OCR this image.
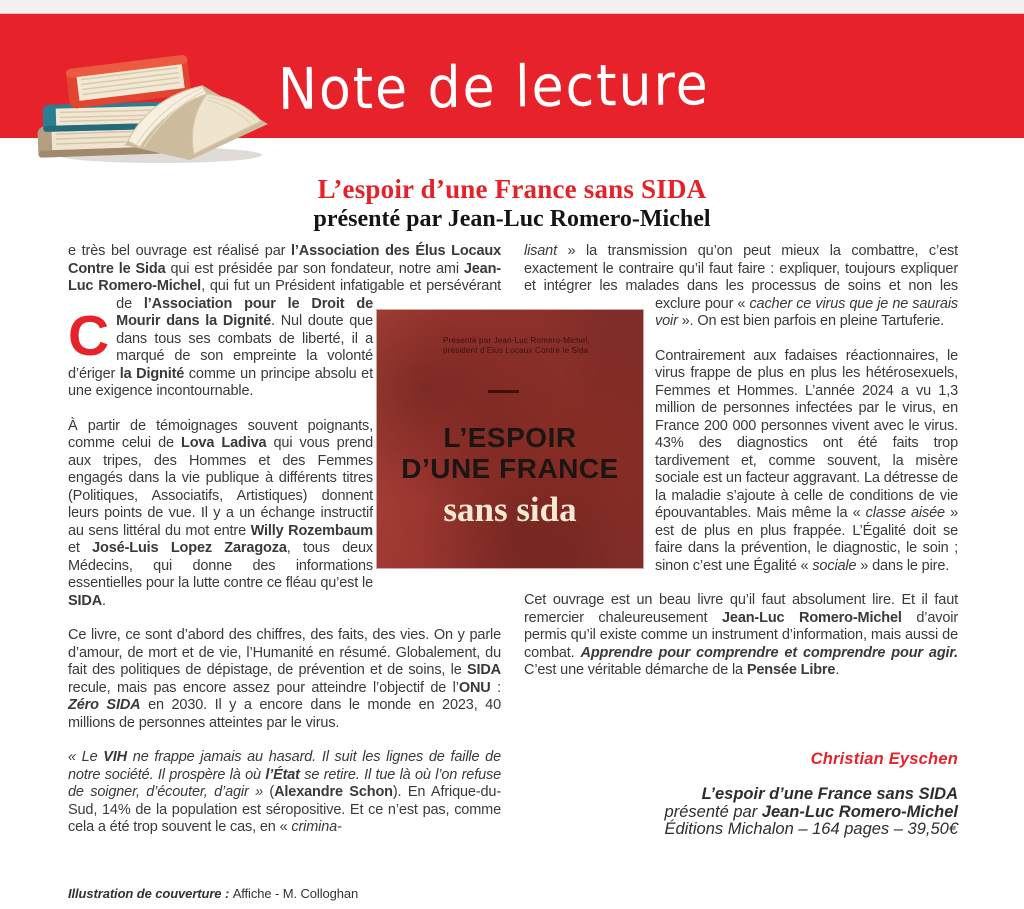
Note de lecture
L’espoir d’une France sans SIDA
présenté par Jean-Luc Romero-Michel

C
e très bel ouvrage est réalisé par l’Association des Élus Locaux Contre le Sida qui est présidée par son fondateur, notre ami Jean-Luc Romero-Michel, qui fut un Président infatigable et persévérant de l’Association pour le Droit de Mourir dans la Dignité. Nul doute que dans tous ses combats de liberté, il a marqué de son empreinte la volonté d’ériger la Dignité comme un principe absolu et une exigence incontournable.

À partir de témoignages souvent poignants, comme celui de Lova Ladiva qui vous prend aux tripes, des Hommes et des Femmes engagés dans la vie publique à différents titres (Politiques, Associatifs, Artistiques) donnent leurs points de vue. Il y a un échange instructif au sens littéral du mot entre Willy Rozembaum et José-Luis Lopez Zaragoza, tous deux Médecins, qui donne des informations essentielles pour la lutte contre ce fléau qu’est le SIDA.

Ce livre, ce sont d’abord des chiffres, des faits, des vies. On y parle d’amour, de mort et de vie, l’Humanité en résumé. Globalement, du fait des politiques de dépistage, de prévention et de soins, le SIDA recule, mais pas encore assez pour atteindre l’objectif de l’ONU : Zéro SIDA en 2030. Il y a encore dans le monde en 2023, 40 millions de personnes atteintes par le virus.

« Le VIH ne frappe jamais au hasard. Il suit les lignes de faille de notre société. Il prospère là où l’État se retire. Il tue là où l’on refuse de soigner, d’écouter, d’agir » (Alexandre Schon). En Afrique-du-Sud, 14% de la population est séropositive. Et ce n’est pas, comme cela a été trop souvent le cas, en « crimina-

lisant » la transmission qu’on peut mieux la combattre, c’est exactement le contraire qu’il faut faire : expliquer, toujours expliquer et intégrer les malades dans les processus de soins et non les exclure pour « cacher ce virus que je ne saurais voir ». On est bien parfois en pleine Tartuferie.

Contrairement aux fadaises réactionnaires, le virus frappe de plus en plus les hétérosexuels, Femmes et Hommes. L’année 2024 a vu 1,3 million de personnes infectées par le virus, en France 200 000 personnes vivent avec le virus. 43% des diagnostics ont été faits trop tardivement et, comme souvent, la misère sociale est un facteur aggravant. La détresse de la maladie s’ajoute à celle de conditions de vie épouvantables. Mais même la « classe aisée » est de plus en plus frappée. L’Égalité doit se faire dans la prévention, le diagnostic, le soin ; sinon c’est une Égalité « sociale » dans le pire.

Cet ouvrage est un beau livre qu’il faut absolument lire. Et il faut remercier chaleureusement Jean-Luc Romero-Michel d’avoir permis qu’il existe comme un instrument d’information, mais aussi de combat. Apprendre pour comprendre et comprendre pour agir. C’est une véritable démarche de la Pensée Libre.

Présenté par Jean-Luc Romero-Michel,
président d’Élus Locaux Contre le Sida
L’ESPOIR
D’UNE FRANCE
sans sida
Christian Eyschen

L’espoir d’une France sans SIDA

présenté par Jean-Luc Romero-Michel

Éditions Michalon – 164 pages – 39,50€

Illustration de couverture : Affiche - M. Colloghan
